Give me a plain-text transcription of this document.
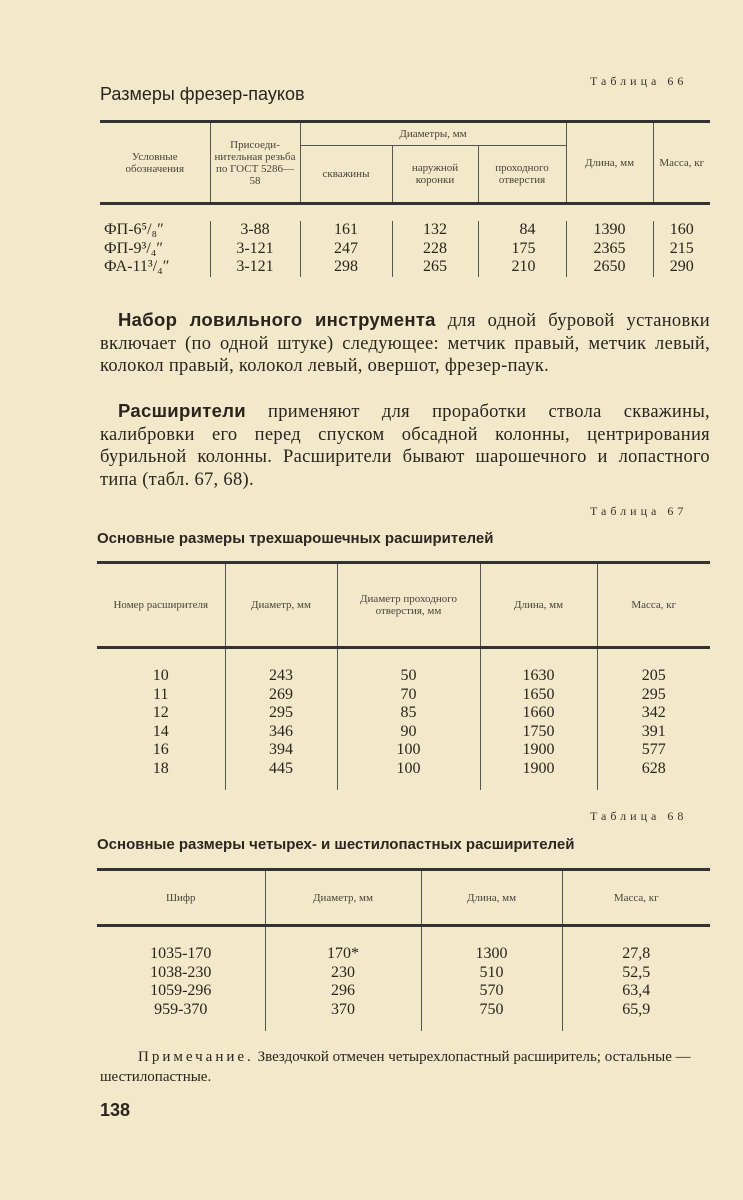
Таблица 66
Размеры фрезер-пауков
Условные обозначения	Присоеди-нительная резьба по ГОСТ 5286—58	Диаметры, мм			Длина, мм	Масса, кг
		скважины	наружной коронки	проходного отверстия		

ФП-6⁵/₈″	3-88	161	132	84	1390	160
ФП-9³/₄″	3-121	247	228	175	2365	215
ФА-11³/₄″	3-121	298	265	210	2650	290
Набор ловильного инструмента для одной буровой установки включает (по одной штуке) следующее: метчик правый, метчик левый, колокол правый, колокол левый, овершот, фрезер-паук.
Расширители применяют для проработки ствола скважины, калибровки его перед спуском обсадной колонны, центрирования бурильной колонны. Расширители бывают шарошечного и лопастного типа (табл. 67, 68).
Таблица 67
Основные размеры трехшарошечных расширителей
Номер расширителя	Диаметр, мм	Диаметр проходного отверстия, мм	Длина, мм	Масса, кг

10	243	50	1630	205
11	269	70	1650	295
12	295	85	1660	342
14	346	90	1750	391
16	394	100	1900	577
18	445	100	1900	628

Таблица 68
Основные размеры четырех- и шестилопастных расширителей
Шифр	Диаметр, мм	Длина, мм	Масса, кг

1035-170	170*	1300	27,8
1038-230	230	510	52,5
1059-296	296	570	63,4
959-370	370	750	65,9

Примечание. Звездочкой отмечен четырехлопастный расширитель; остальные — шестилопастные.
138
